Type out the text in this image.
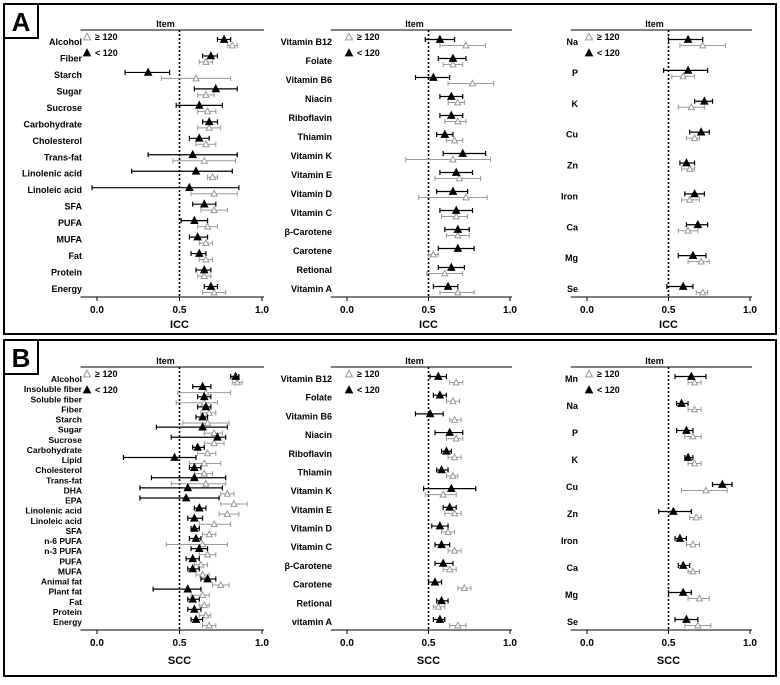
A	Item
0.0	0.5	1.0
ICC
≥ 120
< 120
Alcohol
Fiber
Starch
Sugar
Sucrose
Carbohydrate
Cholesterol
Trans-fat
Linolenic acid
Linoleic acid
SFA
PUFA
MUFA
Fat
Protein
Energy
Item
0.0	0.5	1.0
ICC
≥ 120
< 120
Vitamin B12
Folate
Vitamin B6
Niacin
Riboflavin
Thiamin
Vitamin K
Vitamin E
Vitamin D
Vitamin C
β-Carotene
Carotene
Retional
Vitamin A
Item
0.0	0.5	1.0
ICC
≥ 120
< 120
Na
P
K
Cu
Zn
Iron
Ca
Mg
Se
B	Item
0.0	0.5	1.0
SCC
≥ 120
< 120
Alcohol
Insoluble fiber
Soluble fiber
Fiber
Starch
Sugar
Sucrose
Carbohydrate
Lipid
Cholesterol
Trans-fat
DHA
EPA
Linolenic acid
Linoleic acid
SFA
n-6 PUFA
n-3 PUFA
PUFA
MUFA
Animal fat
Plant fat
Fat
Protein
Energy
Item
0.0	0.5	1.0
SCC
≥ 120
< 120
Vitamin B12
Folate
Vitamin B6
Niacin
Riboflavin
Thiamin
Vitamin K
Vitamin E
Vitamin D
Vitamin C
β-Carotene
Carotene
Retional
vitamin A
Item
0.0	0.5	1.0
SCC
≥ 120
< 120
Mn
Na
P
K
Cu
Zn
Iron
Ca
Mg
Se
